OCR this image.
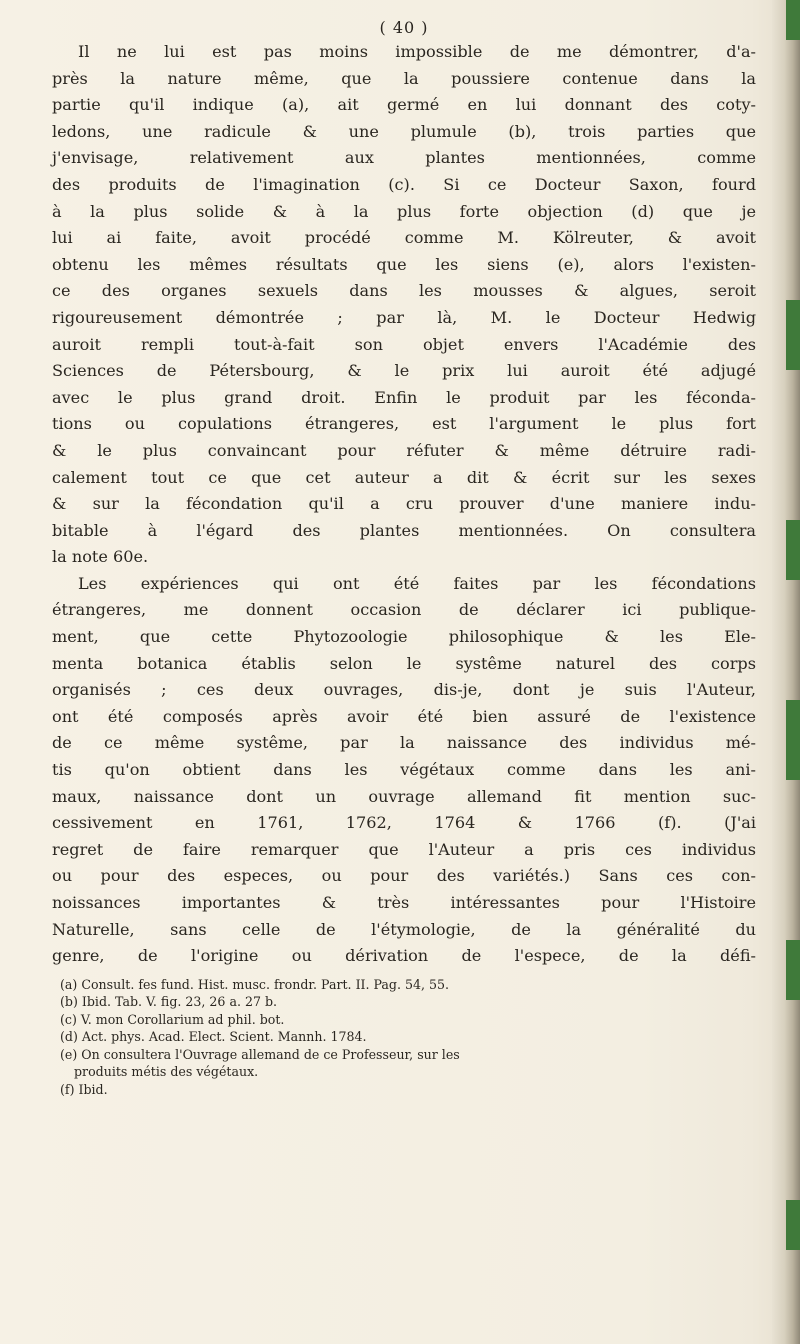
( 40 )

Il ne lui est pas moins impossible de me démontrer, d'a-
près la nature même, que la poussiere contenue dans la
partie qu'il indique (a), ait germé en lui donnant des coty-
ledons, une radicule & une plumule (b), trois parties que
j'envisage, relativement aux plantes mentionnées, comme
des produits de l'imagination (c). Si ce Docteur Saxon, fourd
à la plus solide & à la plus forte objection (d) que je
lui ai faite, avoit procédé comme M. Kölreuter, & avoit
obtenu les mêmes résultats que les siens (e), alors l'existen-
ce des organes sexuels dans les mousses & algues, seroit
rigoureusement démontrée ; par là, M. le Docteur Hedwig
auroit rempli tout-à-fait son objet envers l'Académie des
Sciences de Pétersbourg, & le prix lui auroit été adjugé
avec le plus grand droit. Enfin le produit par les féconda-
tions ou copulations étrangeres, est l'argument le plus fort
& le plus convaincant pour réfuter & même détruire radi-
calement tout ce que cet auteur a dit & écrit sur les sexes
& sur la fécondation qu'il a cru prouver d'une maniere indu-
bitable à l'égard des plantes mentionnées. On consultera
la note 60e.

Les expériences qui ont été faites par les fécondations
étrangeres, me donnent occasion de déclarer ici publique-
ment, que cette Phytozoologie philosophique & les Ele-
menta botanica établis selon le systême naturel des corps
organisés ; ces deux ouvrages, dis-je, dont je suis l'Auteur,
ont été composés après avoir été bien assuré de l'existence
de ce même systême, par la naissance des individus mé-
tis qu'on obtient dans les végétaux comme dans les ani-
maux, naissance dont un ouvrage allemand fit mention suc-
cessivement en 1761, 1762, 1764 & 1766 (f). (J'ai
regret de faire remarquer que l'Auteur a pris ces individus
ou pour des especes, ou pour des variétés.) Sans ces con-
noissances importantes & très intéressantes pour l'Histoire
Naturelle, sans celle de l'étymologie, de la généralité du
genre, de l'origine ou dérivation de l'espece, de la défi-

(a) Consult. fes fund. Hist. musc. frondr. Part. II. Pag. 54, 55.
(b) Ibid. Tab. V. fig. 23, 26 a. 27 b.
(c) V. mon Corollarium ad phil. bot.
(d) Act. phys. Acad. Elect. Scient. Mannh. 1784.
(e) On consultera l'Ouvrage allemand de ce Professeur, sur les
produits métis des végétaux.
(f) Ibid.
